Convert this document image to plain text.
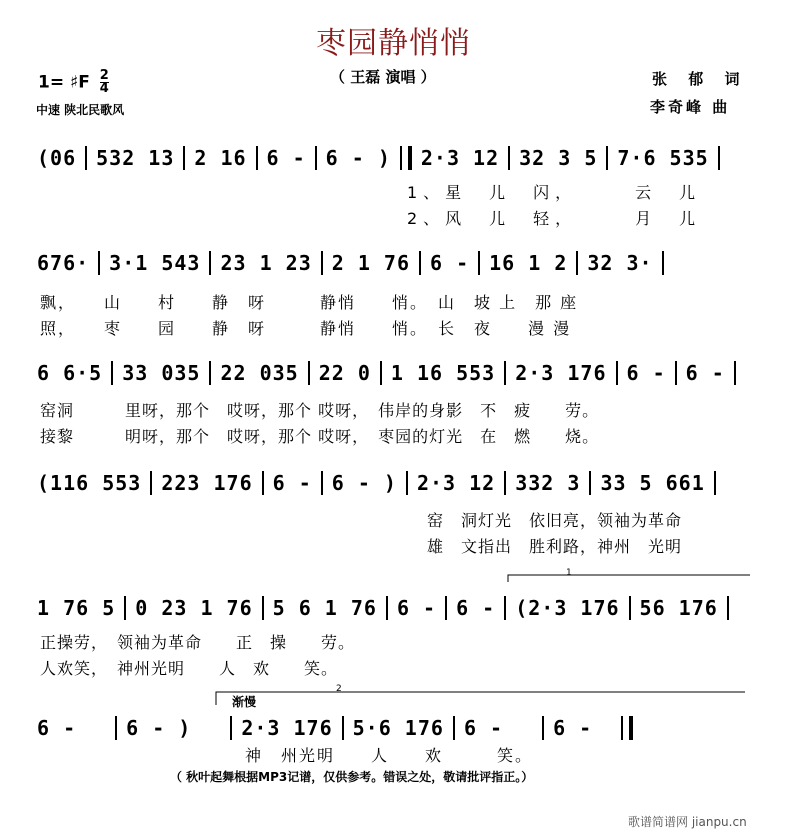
枣园静悄悄
（ 王磊 演唱 ）
1= ♯F $\frac{2}{4}$
中速 陕北民歌风
张 郁 词
李奇峰 曲
(06 532 13 2 16 6 - 6 - ) 2·3 12 32 3 5 7·6 535
1、星　儿　闪，　　　云　儿
2、风　儿　轻，　　　月　儿
676· 3·1 543 23 1 23 2 1 76 6 - 16 1 2 32 3·
飘，　　山　　村　　静　呀　　　静悄　　悄。　山　坡 上　那 座
照，　　枣　　园　　静　呀　　　静悄　　悄。　长　夜　　漫 漫
6 6·5 33 035 22 035 22 0 1 16 553 2·3 176 6 - 6 -
窑洞　　　里呀，那个　哎呀，那个 哎呀，　伟岸的身影　不　疲　　劳。
接黎　　　明呀，那个　哎呀，那个 哎呀，　枣园的灯光　在　燃　　烧。
(116 553 223 176 6 - 6 - ) 2·3 12 332 3 33 5 661
窑　洞灯光　依旧亮，领袖为革命
雄　文指出　胜利路，神州　光明
1 76 5 0 23 1 76 5 6 1 76 6 - 6 - (2·3 176 56 176
1
正操劳，　领袖为革命　　正　操　　劳。
人欢笑，　神州光明　　人　欢　　笑。
渐慢
2
6 -	6 - )	2·3 176 5·6 176 6 -	6 -
神　州光明　　人　　欢　　　笑。
（ 秋叶起舞根据MP3记谱，仅供参考。错误之处，敬请批评指正。）
歌谱简谱网 jianpu.cn
